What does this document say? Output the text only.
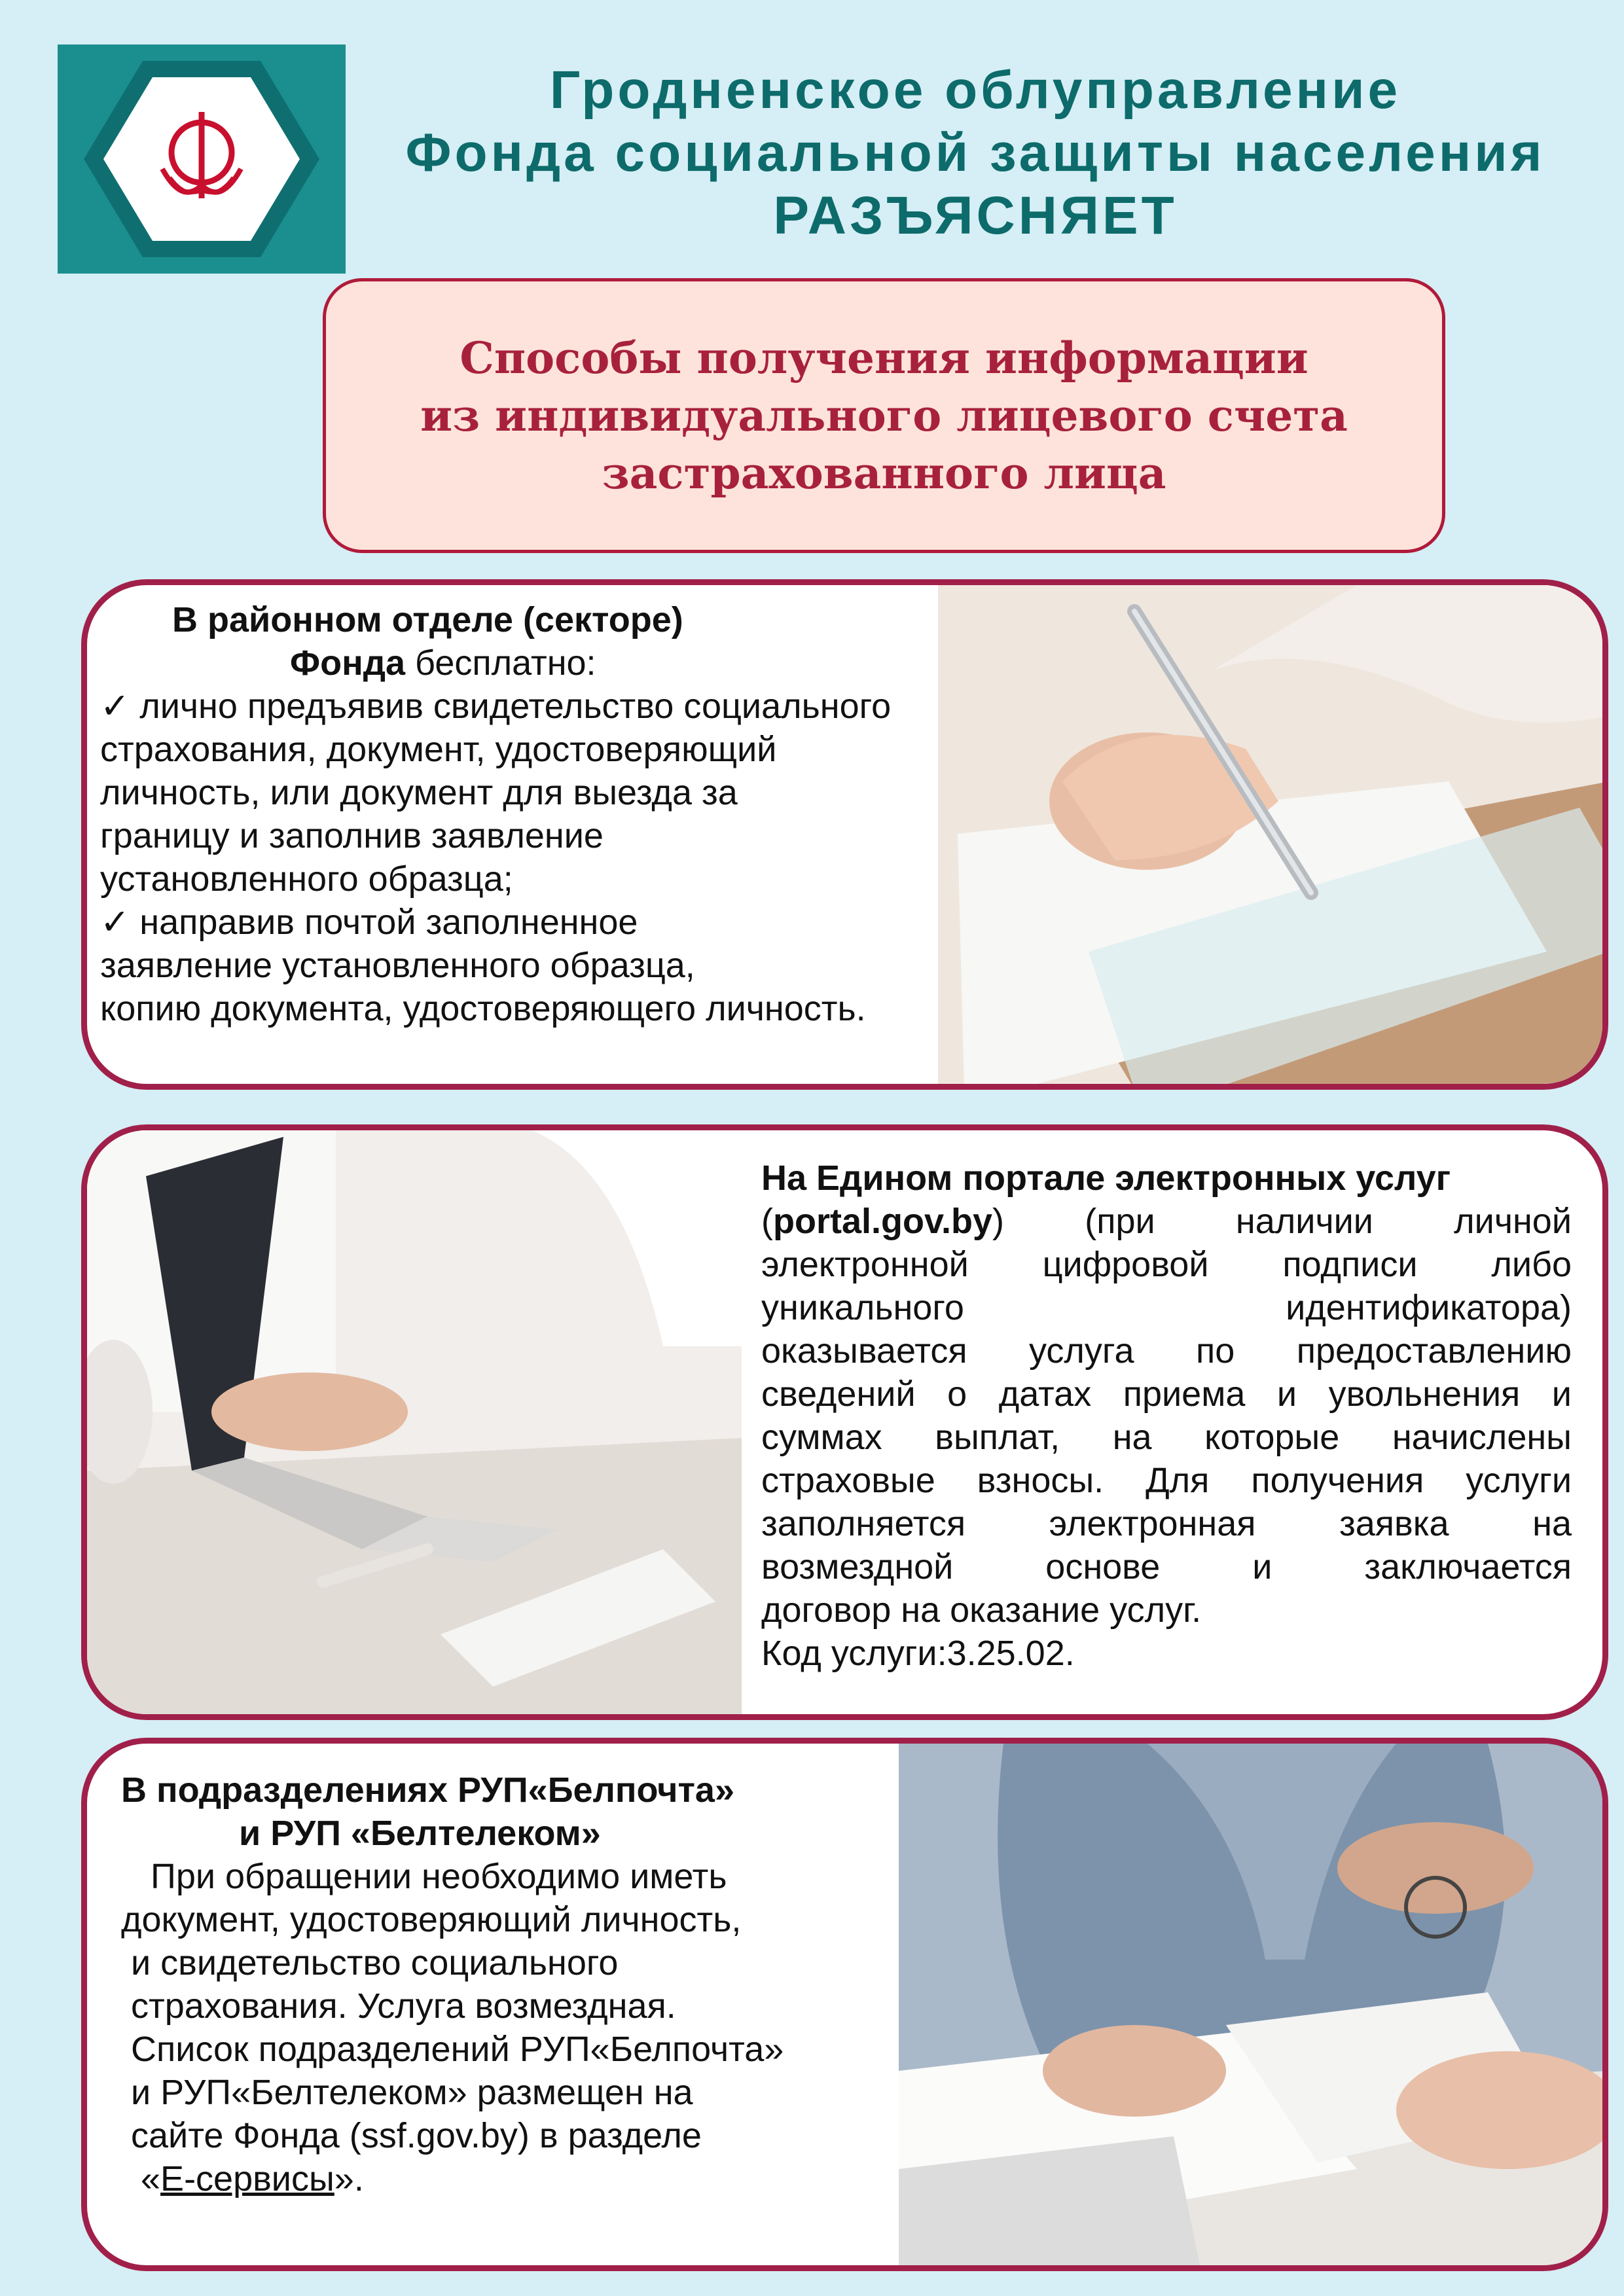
Гродненское облуправление
Фонда социальной защиты населения
РАЗЪЯСНЯЕТ
Способы получения информации
из индивидуального лицевого счета
застрахованного лица
В районном отделе (секторе)
Фонда бесплатно:
✓ лично предъявив свидетельство социального
страхования, документ, удостоверяющий
личность, или документ для выезда за
границу и заполнив заявление
установленного образца;
✓ направив почтой заполненное
заявление установленного образца,
копию документа, удостоверяющего личность.
На Едином портале электронных услуг
(portal.gov.by) (при наличии личной
электронной цифровой подписи либо
уникального	идентификатора)
оказывается услуга по предоставлению
сведений о датах приема и увольнения и
суммах выплат, на которые начислены
страховые взносы. Для получения услуги
заполняется электронная заявка на
возмездной	основе	и	заключается
договор на оказание услуг.
Код услуги:3.25.02.
В подразделениях РУП«Белпочта»
и РУП «Белтелеком»
При обращении необходимо иметь
документ, удостоверяющий личность,
и свидетельство социального
страхования. Услуга возмездная.
Список подразделений РУП«Белпочта»
и РУП«Белтелеком» размещен на
сайте Фонда (ssf.gov.by) в разделе
«Е-сервисы».
